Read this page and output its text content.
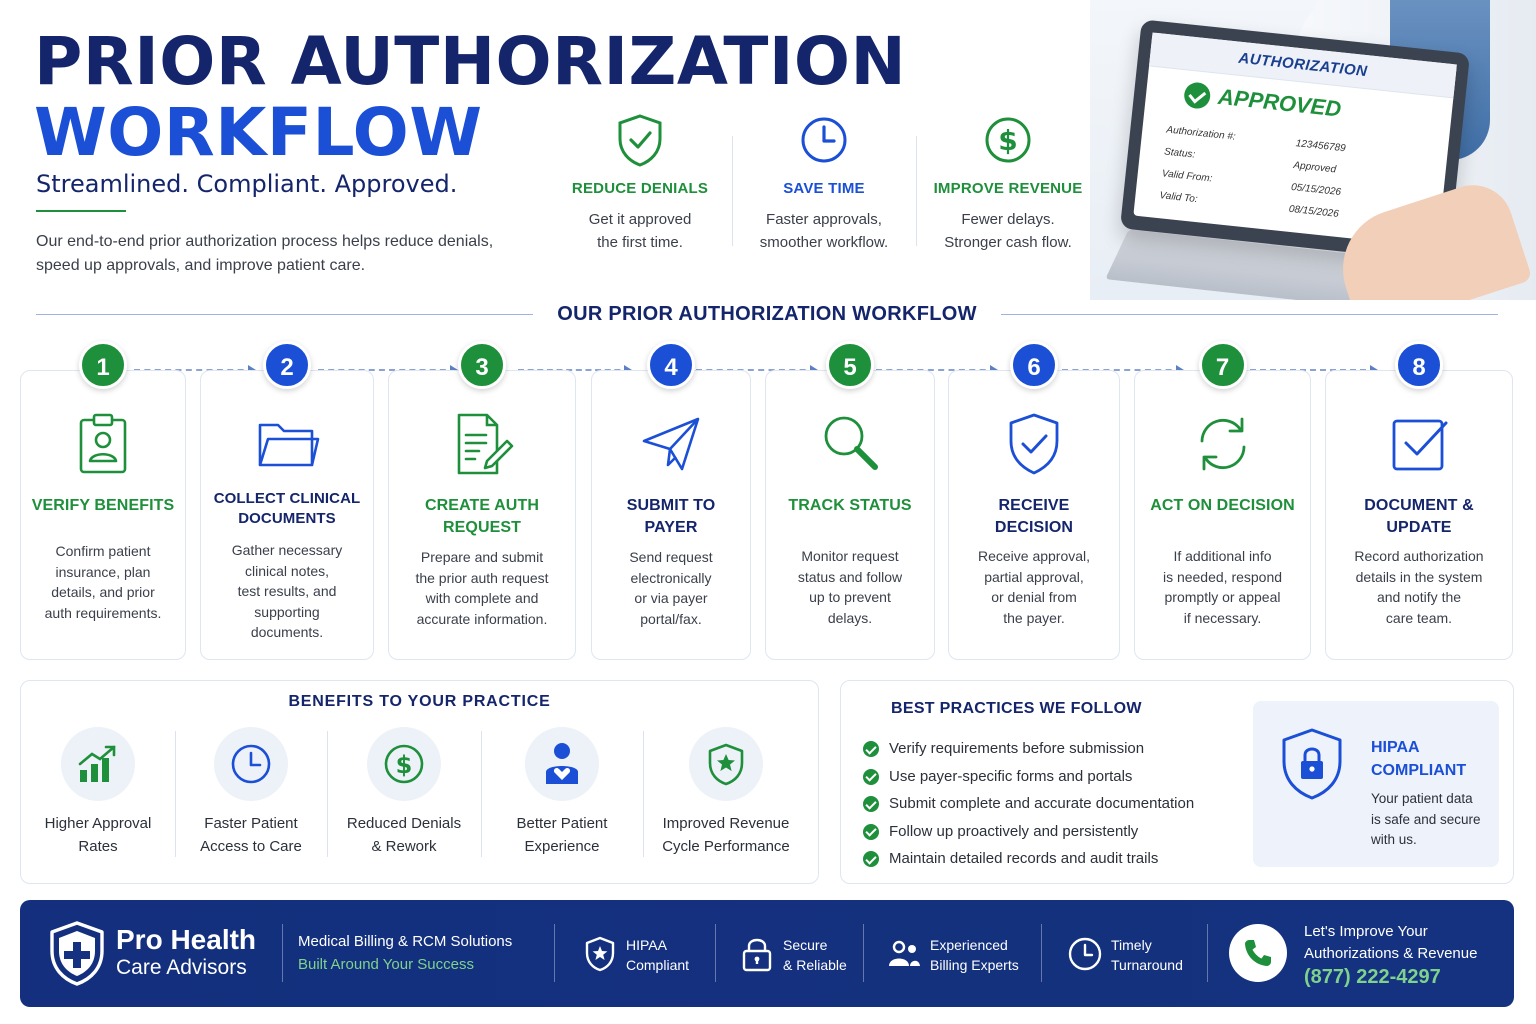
PRIOR AUTHORIZATION
WORKFLOW
Streamlined. Compliant. Approved.

Our end-to-end prior authorization process helps reduce denials, speed up approvals, and improve patient care.

REDUCE DENIALS
Get it approved
the first time.
SAVE TIME
Faster approvals,
smoother workflow.
$
IMPROVE REVENUE
Fewer delays.
Stronger cash flow.
AUTHORIZATION
APPROVED
Authorization #:
123456789
Status:
Approved
Valid From:
05/15/2026
Valid To:
08/15/2026
OUR PRIOR AUTHORIZATION WORKFLOW
1
VERIFY BENEFITS

Confirm patient
insurance, plan
details, and prior
auth requirements.
2
COLLECT CLINICAL
DOCUMENTS
Gather necessary
clinical notes,
test results, and
supporting
documents.
3
CREATE AUTH
REQUEST
Prepare and submit
the prior auth request
with complete and
accurate information.
4
SUBMIT TO
PAYER
Send request
electronically
or via payer
portal/fax.
5
TRACK STATUS

Monitor request
status and follow
up to prevent
delays.
6
RECEIVE
DECISION
Receive approval,
partial approval,
or denial from
the payer.
7
ACT ON DECISION

If additional info
is needed, respond
promptly or appeal
if necessary.
8
DOCUMENT &
UPDATE
Record authorization
details in the system
and notify the
care team.
BENEFITS TO YOUR PRACTICE
Higher Approval
Rates
Faster Patient
Access to Care
$
Reduced Denials
& Rework
Better Patient
Experience
Improved Revenue
Cycle Performance
BEST PRACTICES WE FOLLOW
Verify requirements before submission
Use payer-specific forms and portals
Submit complete and accurate documentation
Follow up proactively and persistently
Maintain detailed records and audit trails
HIPAA
COMPLIANT
Your patient data
is safe and secure
with us.
Pro Health
Care Advisors
Medical Billing & RCM Solutions
Built Around Your Success
HIPAA
Compliant
Secure
& Reliable
Experienced
Billing Experts
Timely
Turnaround
Let's Improve Your
Authorizations & Revenue
(877) 222-4297
